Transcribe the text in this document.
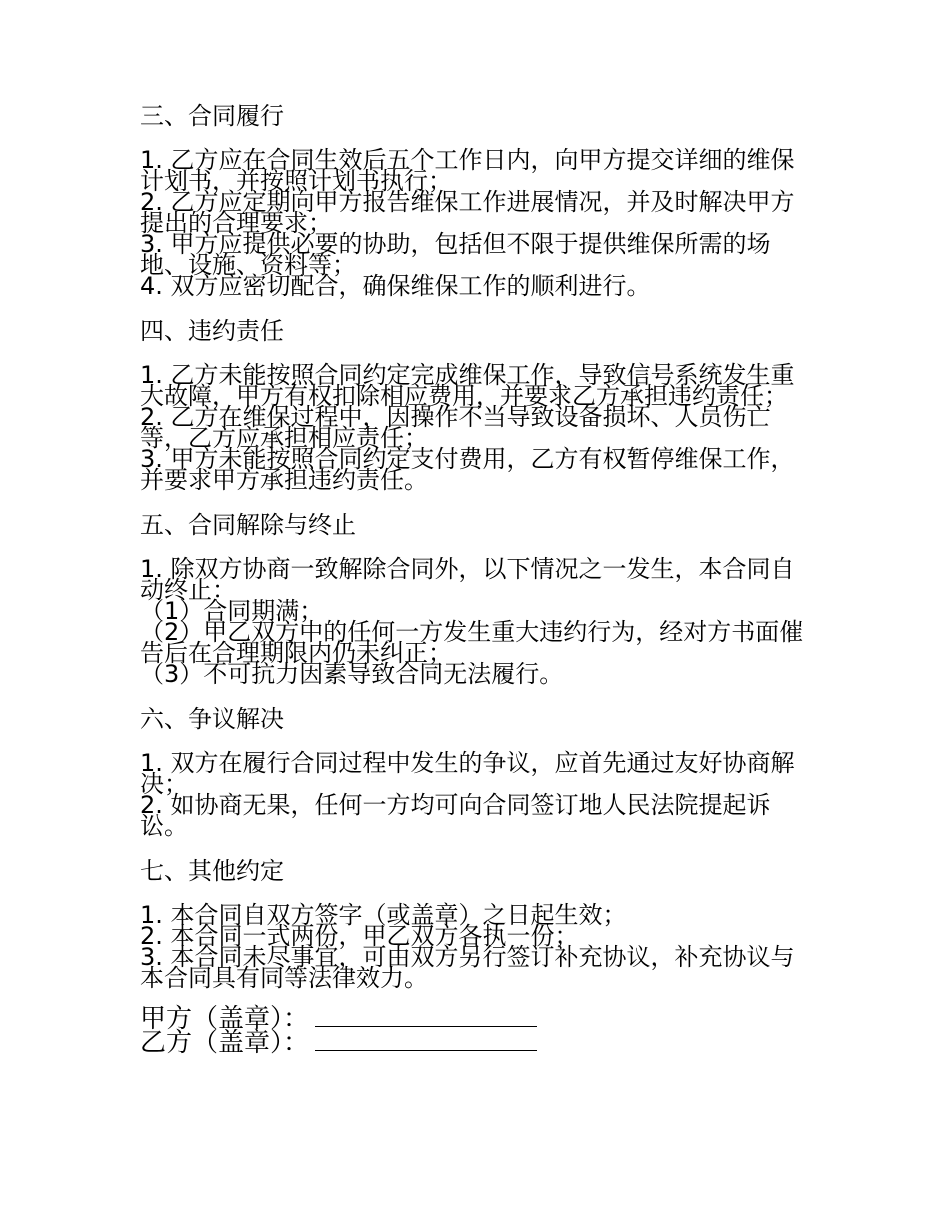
三、合同履行

1. 乙方应在合同生效后五个工作日内，向甲方提交详细的维保计划书，并按照计划书执行；

2. 乙方应定期向甲方报告维保工作进展情况，并及时解决甲方提出的合理要求；

3. 甲方应提供必要的协助，包括但不限于提供维保所需的场地、设施、资料等；

4. 双方应密切配合，确保维保工作的顺利进行。

四、违约责任

1. 乙方未能按照合同约定完成维保工作，导致信号系统发生重大故障，甲方有权扣除相应费用，并要求乙方承担违约责任；

2. 乙方在维保过程中，因操作不当导致设备损坏、人员伤亡等，乙方应承担相应责任；

3. 甲方未能按照合同约定支付费用，乙方有权暂停维保工作，并要求甲方承担违约责任。

五、合同解除与终止

1. 除双方协商一致解除合同外，以下情况之一发生，本合同自动终止：

（1）合同期满；

（2）甲乙双方中的任何一方发生重大违约行为，经对方书面催告后在合理期限内仍未纠正；

（3）不可抗力因素导致合同无法履行。

六、争议解决

1. 双方在履行合同过程中发生的争议，应首先通过友好协商解决；

2. 如协商无果，任何一方均可向合同签订地人民法院提起诉讼。

七、其他约定

1. 本合同自双方签字（或盖章）之日起生效；

2. 本合同一式两份，甲乙双方各执一份；

3. 本合同未尽事宜，可由双方另行签订补充协议，补充协议与本合同具有同等法律效力。

甲方（盖章）：
乙方（盖章）：
